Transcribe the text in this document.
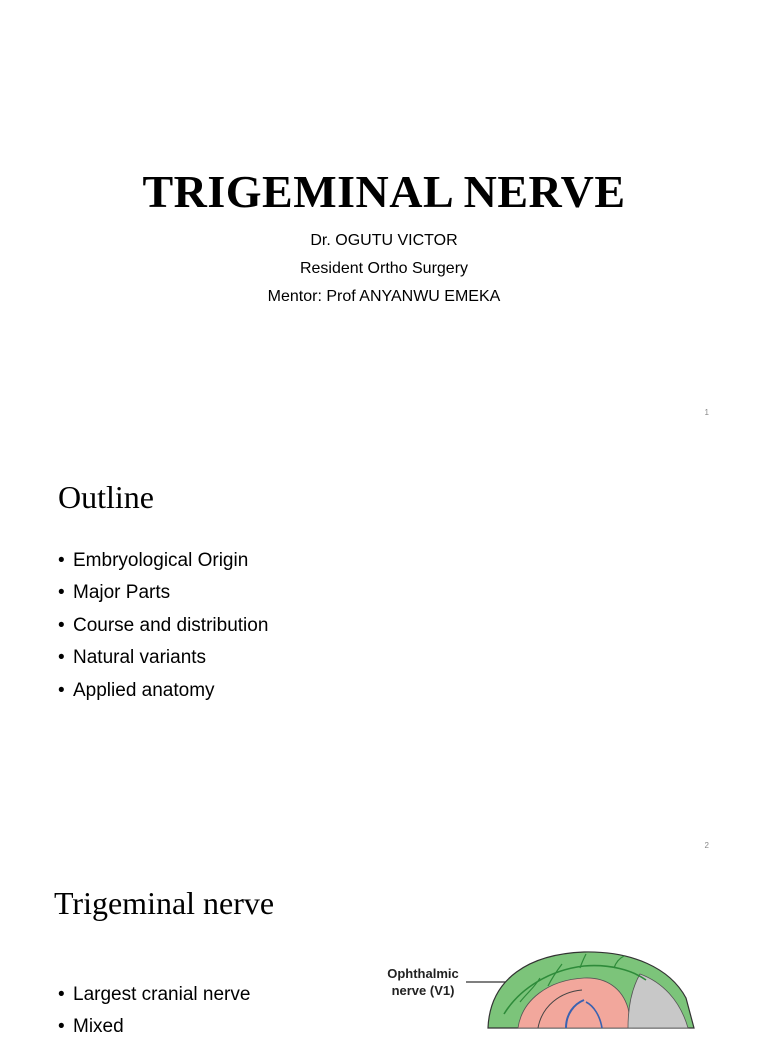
TRIGEMINAL NERVE
Dr. OGUTU VICTOR
Resident Ortho Surgery
Mentor: Prof ANYANWU EMEKA
1
Outline
• Embryological Origin
• Major Parts
• Course and distribution
• Natural variants
• Applied anatomy
2
Trigeminal nerve
• Largest cranial nerve
• Mixed
Ophthalmic
nerve (V1)
